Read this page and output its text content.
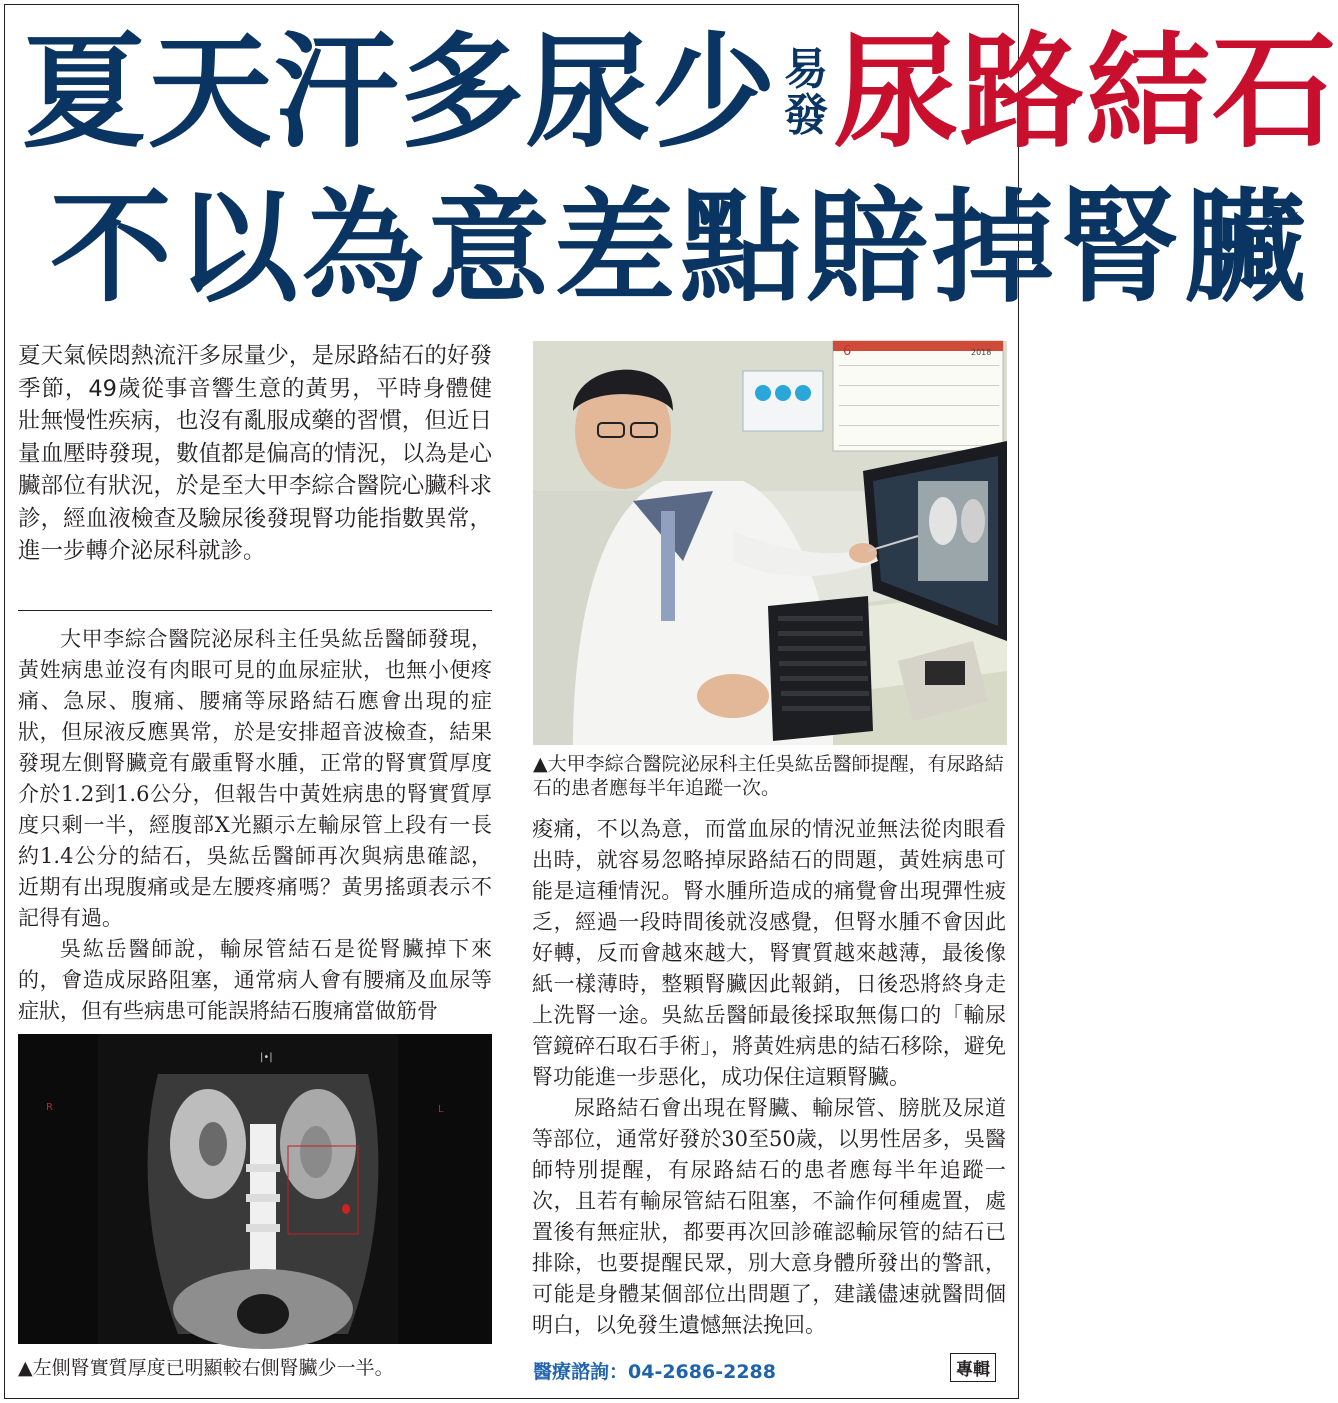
夏天汗多尿少 易
發 尿路結石
不以為意差點賠掉腎臟

夏天氣候悶熱流汗多尿量少，是尿路結石的好發季節，49歲從事音響生意的黃男，平時身體健壯無慢性疾病，也沒有亂服成藥的習慣，但近日量血壓時發現，數值都是偏高的情況，以為是心臟部位有狀況，於是至大甲李綜合醫院心臟科求診，經血液檢查及驗尿後發現腎功能指數異常，進一步轉介泌尿科就診。

大甲李綜合醫院泌尿科主任吳紘岳醫師發現，黃姓病患並沒有肉眼可見的血尿症狀，也無小便疼痛、急尿、腹痛、腰痛等尿路結石應會出現的症狀，但尿液反應異常，於是安排超音波檢查，結果發現左側腎臟竟有嚴重腎水腫，正常的腎實質厚度介於1.2到1.6公分，但報告中黃姓病患的腎實質厚度只剩一半，經腹部X光顯示左輸尿管上段有一長約1.4公分的結石，吳紘岳醫師再次與病患確認，近期有出現腹痛或是左腰疼痛嗎？黃男搖頭表示不記得有過。

吳紘岳醫師說，輸尿管結石是從腎臟掉下來的，會造成尿路阻塞，通常病人會有腰痛及血尿等症狀，但有些病患可能誤將結石腹痛當做筋骨

6	2018
▲大甲李綜合醫院泌尿科主任吳紘岳醫師提醒，有尿路結石的患者應每半年追蹤一次。

痠痛，不以為意，而當血尿的情況並無法從肉眼看出時，就容易忽略掉尿路結石的問題，黃姓病患可能是這種情況。腎水腫所造成的痛覺會出現彈性疲乏，經過一段時間後就沒感覺，但腎水腫不會因此好轉，反而會越來越大，腎實質越來越薄，最後像紙一樣薄時，整顆腎臟因此報銷，日後恐將終身走上洗腎一途。吳紘岳醫師最後採取無傷口的「輸尿管鏡碎石取石手術」，將黃姓病患的結石移除，避免腎功能進一步惡化，成功保住這顆腎臟。

尿路結石會出現在腎臟、輸尿管、膀胱及尿道等部位，通常好發於30至50歲，以男性居多，吳醫師特別提醒，有尿路結石的患者應每半年追蹤一次，且若有輸尿管結石阻塞，不論作何種處置，處置後有無症狀，都要再次回診確認輸尿管的結石已排除，也要提醒民眾，別大意身體所發出的警訊，可能是身體某個部位出問題了，建議儘速就醫問個明白，以免發生遺憾無法挽回。

|•|
R	L
▲左側腎實質厚度已明顯較右側腎臟少一半。	醫療諮詢：04-2686-2288	專輯
